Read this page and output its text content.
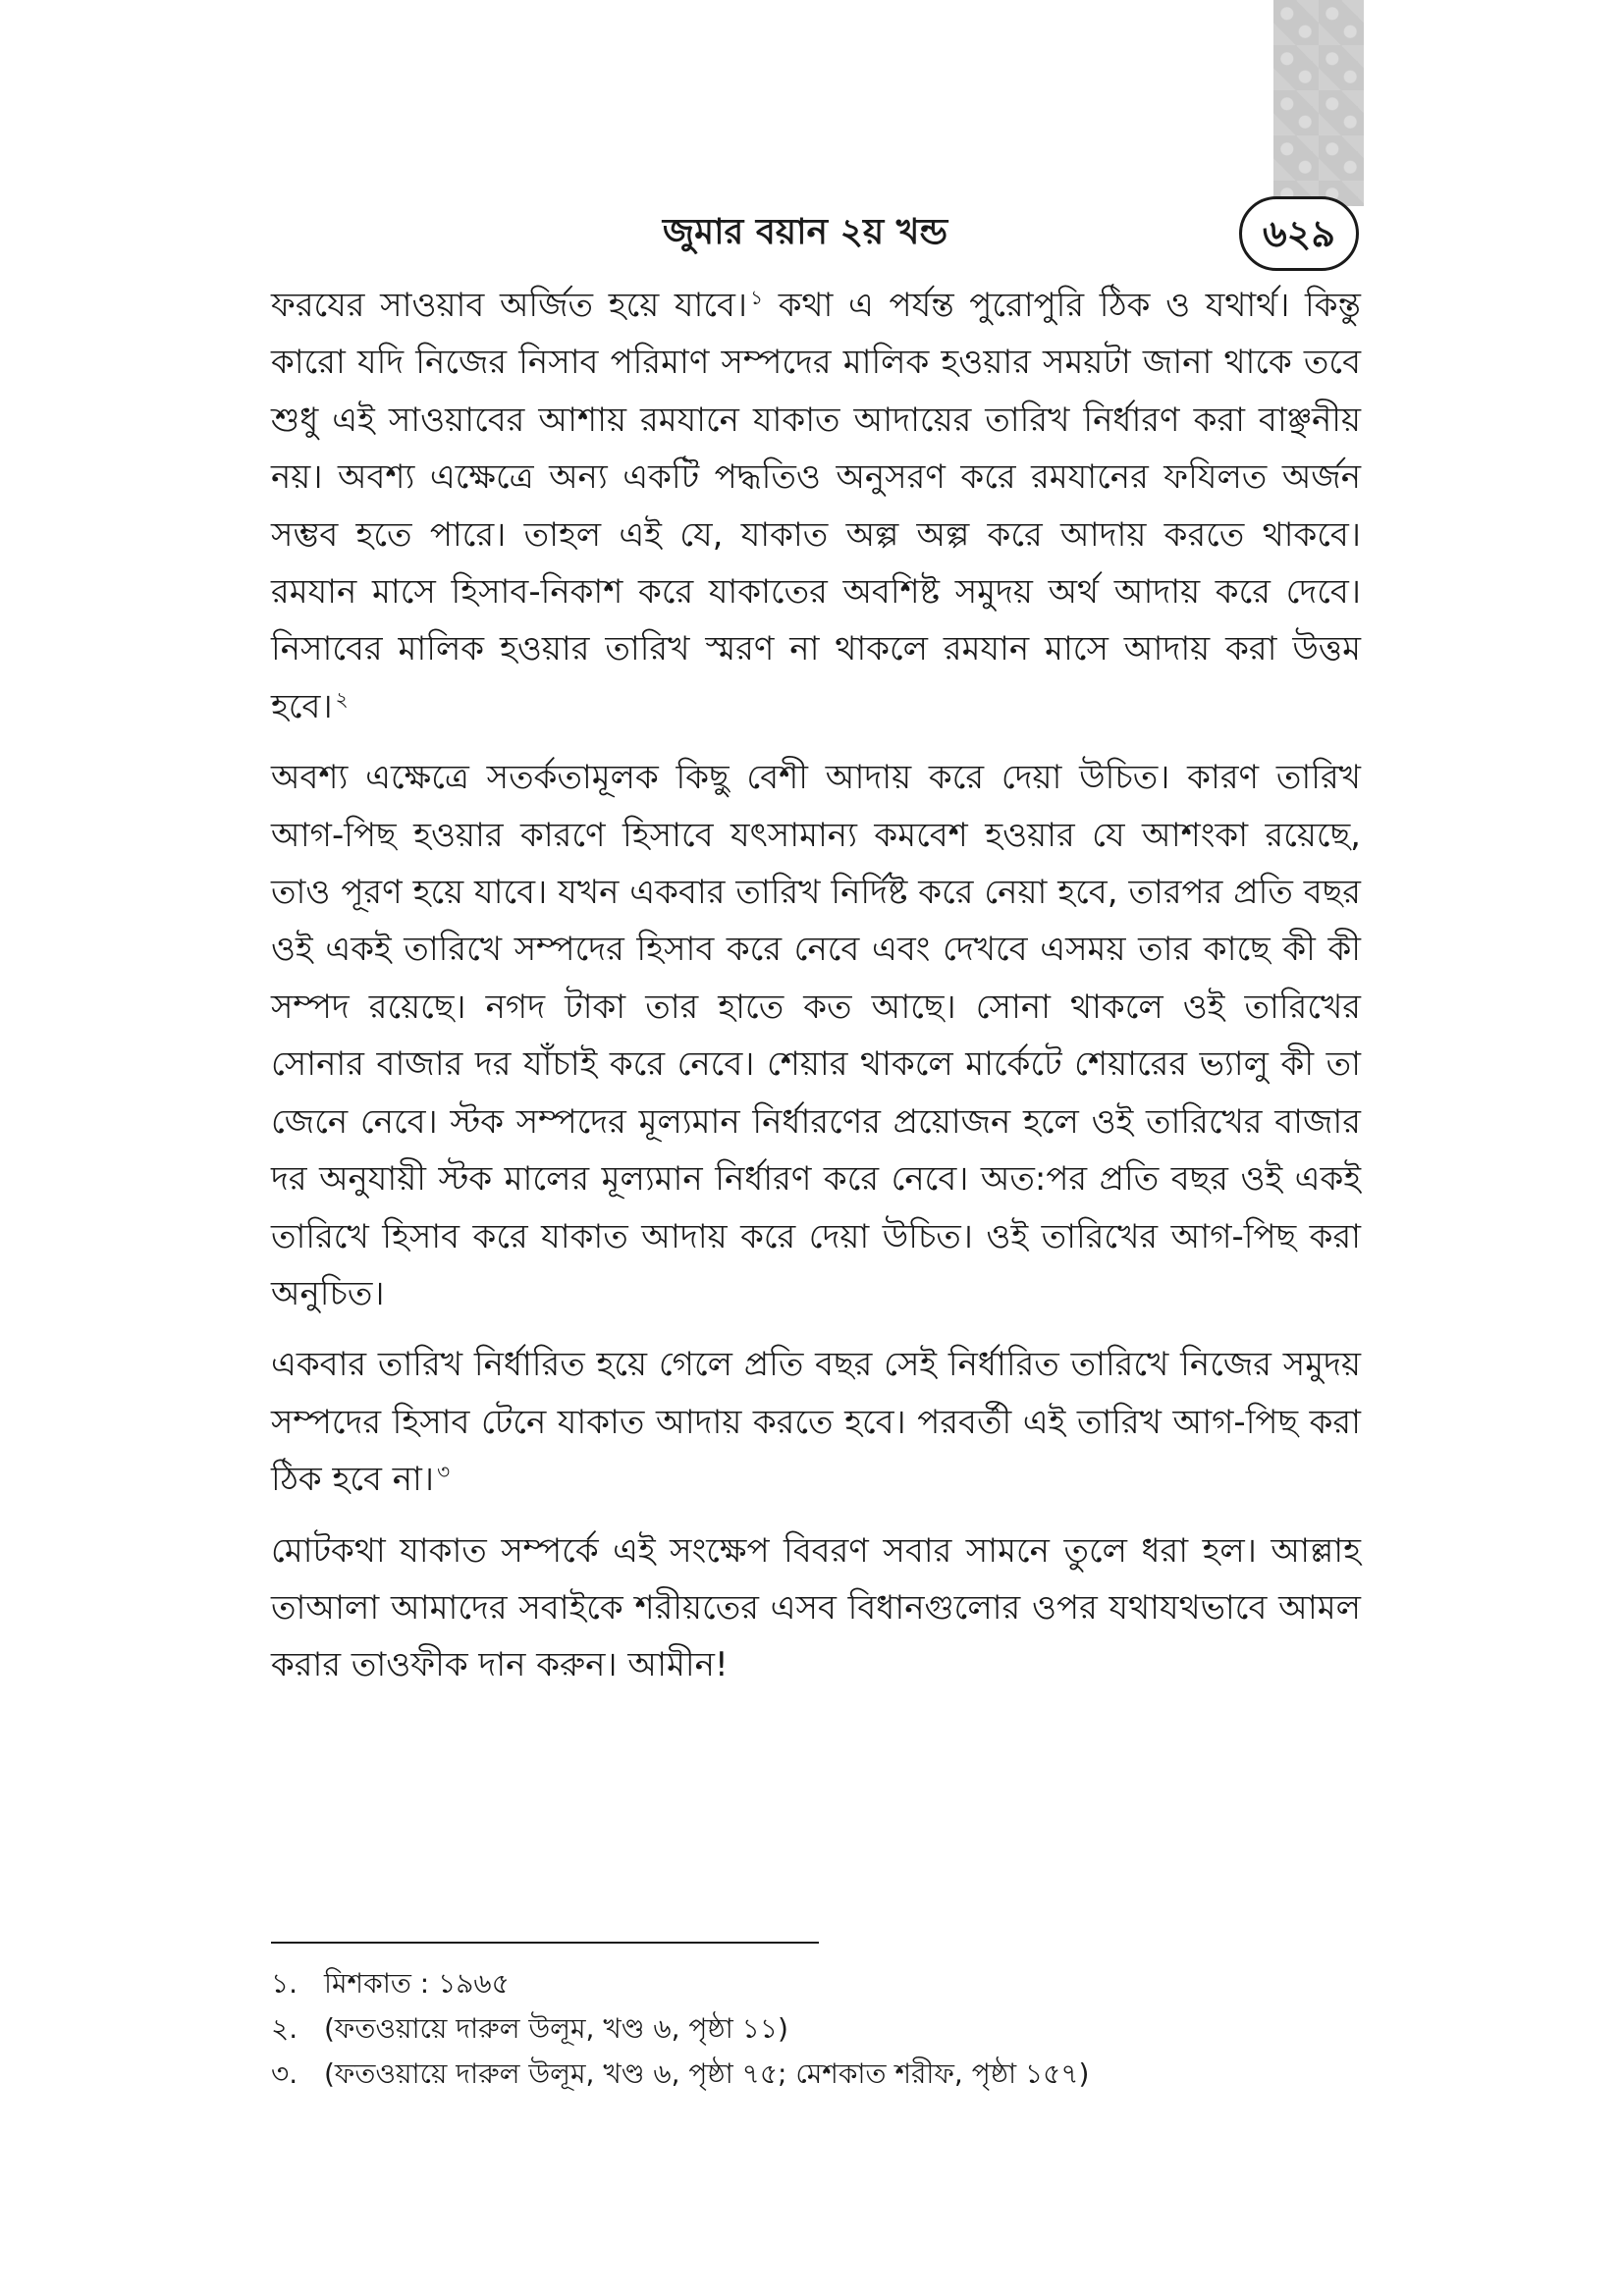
জুমার বয়ান ২য় খন্ড	৬২৯

ফরযের সাওয়াব অর্জিত হয়ে যাবে। $^১$ কথা এ পর্যন্ত পুরোপুরি ঠিক ও যথার্থ। কিন্তু কারো যদি নিজের নিসাব পরিমাণ সম্পদের মালিক হওয়ার সময়টা জানা থাকে তবে শুধু এই সাওয়াবের আশায় রমযানে যাকাত আদায়ের তারিখ নির্ধারণ করা বাঞ্ছনীয় নয়। অবশ্য এক্ষেত্রে অন্য একটি পদ্ধতিও অনুসরণ করে রমযানের ফযিলত অর্জন সম্ভব হতে পারে। তাহল এই যে, যাকাত অল্প অল্প করে আদায় করতে থাকবে। রমযান মাসে হিসাব-নিকাশ করে যাকাতের অবশিষ্ট সমুদয় অর্থ আদায় করে দেবে। নিসাবের মালিক হওয়ার তারিখ স্মরণ না থাকলে রমযান মাসে আদায় করা উত্তম হবে। $^২$

অবশ্য এক্ষেত্রে সতর্কতামূলক কিছু বেশী আদায় করে দেয়া উচিত। কারণ তারিখ আগ-পিছ হওয়ার কারণে হিসাবে যৎসামান্য কমবেশ হওয়ার যে আশংকা রয়েছে, তাও পূরণ হয়ে যাবে। যখন একবার তারিখ নির্দিষ্ট করে নেয়া হবে, তারপর প্রতি বছর ওই একই তারিখে সম্পদের হিসাব করে নেবে এবং দেখবে এসময় তার কাছে কী কী সম্পদ রয়েছে। নগদ টাকা তার হাতে কত আছে। সোনা থাকলে ওই তারিখের সোনার বাজার দর যাঁচাই করে নেবে। শেয়ার থাকলে মার্কেটে শেয়ারের ভ্যালু কী তা জেনে নেবে। স্টক সম্পদের মূল্যমান নির্ধারণের প্রয়োজন হলে ওই তারিখের বাজার দর অনুযায়ী স্টক মালের মূল্যমান নির্ধারণ করে নেবে। অত:পর প্রতি বছর ওই একই তারিখে হিসাব করে যাকাত আদায় করে দেয়া উচিত। ওই তারিখের আগ-পিছ করা অনুচিত।

একবার তারিখ নির্ধারিত হয়ে গেলে প্রতি বছর সেই নির্ধারিত তারিখে নিজের সমুদয় সম্পদের হিসাব টেনে যাকাত আদায় করতে হবে। পরবর্তী এই তারিখ আগ-পিছ করা ঠিক হবে না। $^৩$

মোটকথা যাকাত সম্পর্কে এই সংক্ষেপ বিবরণ সবার সামনে তুলে ধরা হল। আল্লাহ তাআলা আমাদের সবাইকে শরীয়তের এসব বিধানগুলোর ওপর যথাযথভাবে আমল করার তাওফীক দান করুন। আমীন!

১. মিশকাত : ১৯৬৫
২. (ফতওয়ায়ে দারুল উলূম, খণ্ড ৬, পৃষ্ঠা ১১)
৩. (ফতওয়ায়ে দারুল উলূম, খণ্ড ৬, পৃষ্ঠা ৭৫; মেশকাত শরীফ, পৃষ্ঠা ১৫৭)
